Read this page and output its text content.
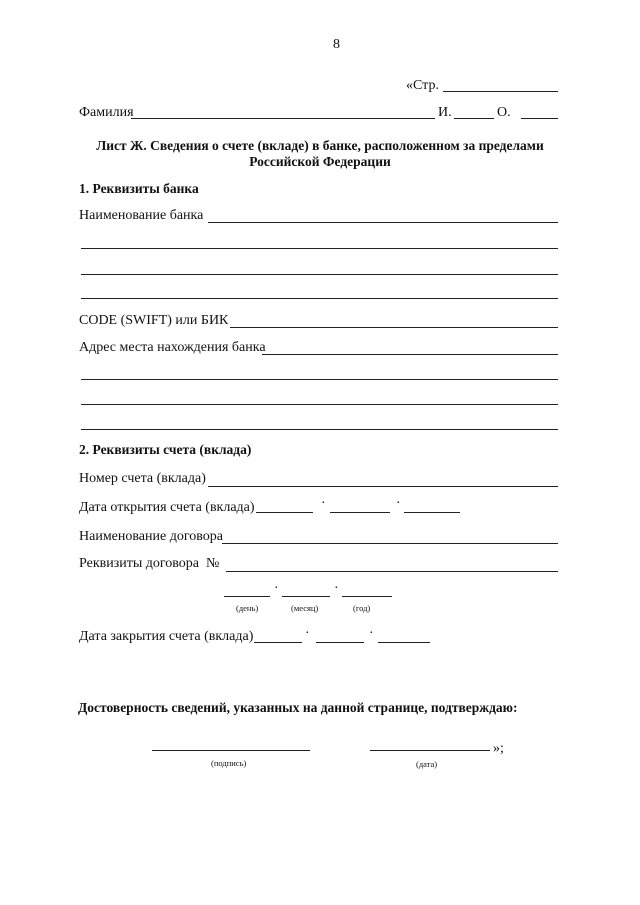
8
«Стр.
Фамилия	И.	О.
Лист Ж. Сведения о счете (вкладе) в банке, расположенном за пределами
Российской Федерации
1. Реквизиты банка
Наименование банка
CODE (SWIFT) или БИК
Адрес места нахождения банка
2. Реквизиты счета (вклада)
Номер счета (вклада)
Дата открытия счета (вклада)	·	·
Наименование договора
Реквизиты договора №
·	·
(день)	(месяц)	(год)
Дата закрытия счета (вклада)	·	·
Достоверность сведений, указанных на данной странице, подтверждаю:
(подпись)
»;
(дата)
